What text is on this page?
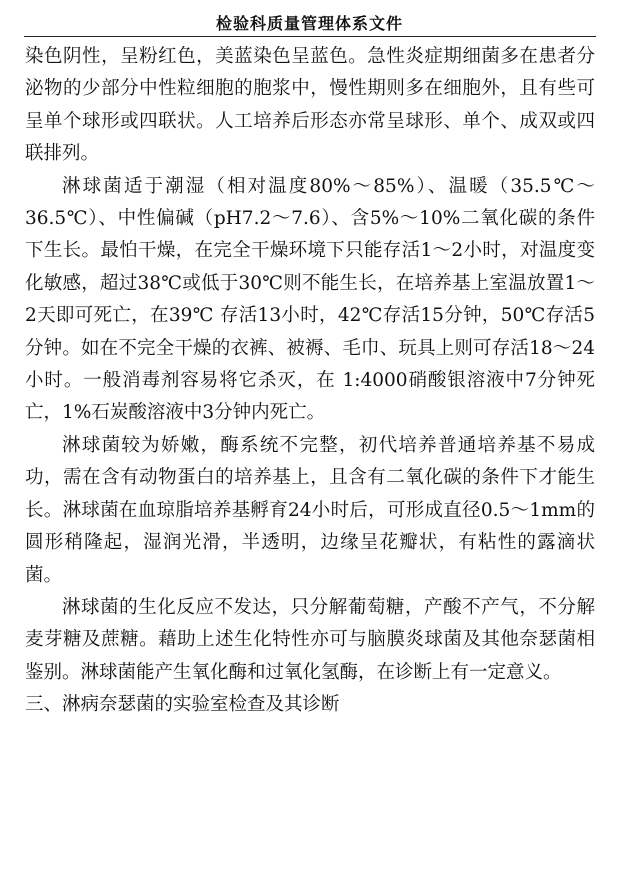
检验科质量管理体系文件

染色阴性，呈粉红色，美蓝染色呈蓝色。急性炎症期细菌多在患者分泌物的少部分中性粒细胞的胞浆中，慢性期则多在细胞外，且有些可呈单个球形或四联状。人工培养后形态亦常呈球形、单个、成双或四联排列。

淋球菌适于潮湿（相对温度80%～85%）、温暖（35.5℃～36.5℃）、中性偏碱（pH7.2～7.6）、含5%～10%二氧化碳的条件下生长。最怕干燥，在完全干燥环境下只能存活1～2小时，对温度变化敏感，超过38℃或低于30℃则不能生长，在培养基上室温放置1～2天即可死亡，在39℃ 存活13小时，42℃存活15分钟，50℃存活5分钟。如在不完全干燥的衣裤、被褥、毛巾、玩具上则可存活18～24小时。一般消毒剂容易将它杀灭，在 1:4000硝酸银溶液中7分钟死亡，1%石炭酸溶液中3分钟内死亡。

淋球菌较为娇嫩，酶系统不完整，初代培养普通培养基不易成功，需在含有动物蛋白的培养基上，且含有二氧化碳的条件下才能生长。淋球菌在血琼脂培养基孵育24小时后，可形成直径0.5～1mm的圆形稍隆起，湿润光滑，半透明，边缘呈花瓣状，有粘性的露滴状菌。

淋球菌的生化反应不发达，只分解葡萄糖，产酸不产气，不分解麦芽糖及蔗糖。藉助上述生化特性亦可与脑膜炎球菌及其他奈瑟菌相鉴别。淋球菌能产生氧化酶和过氧化氢酶，在诊断上有一定意义。

三、淋病奈瑟菌的实验室检查及其诊断
